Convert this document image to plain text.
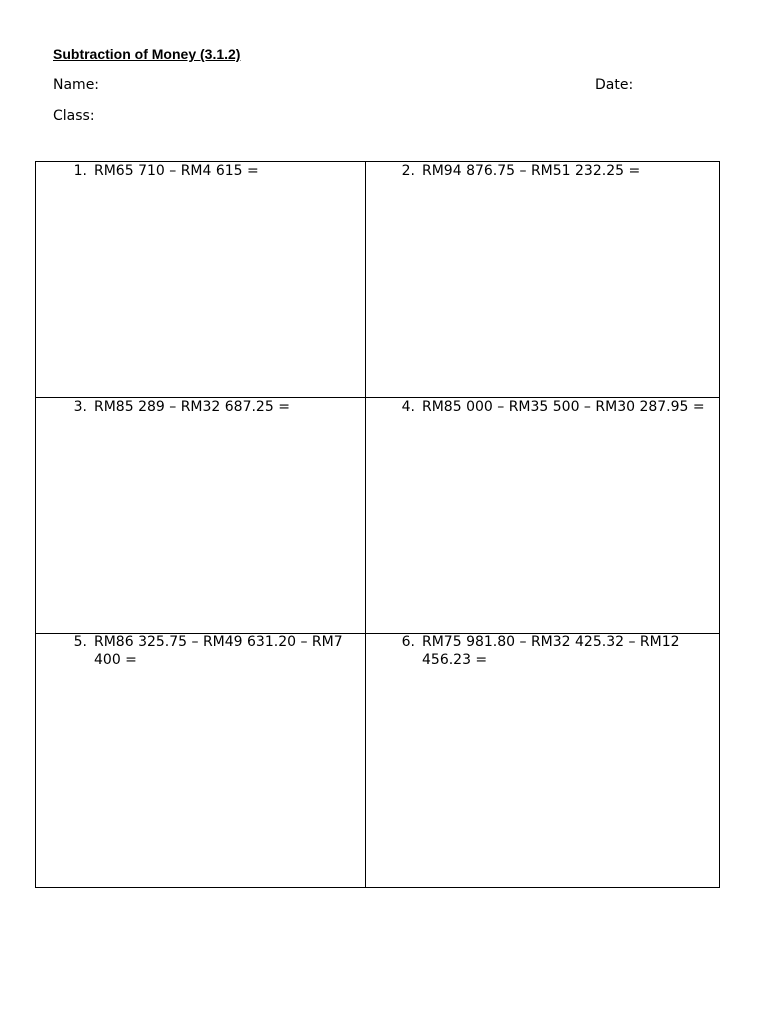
Subtraction of Money (3.1.2)
Name:	Date:
Class:
1. RM65 710 – RM4 615 =	2. RM94 876.75 – RM51 232.25 =
3. RM85 289 – RM32 687.25 =	4. RM85 000 – RM35 500 – RM30 287.95 =
5. RM86 325.75 – RM49 631.20 – RM7 400 =
6. RM75 981.80 – RM32 425.32 – RM12 456.23 =
